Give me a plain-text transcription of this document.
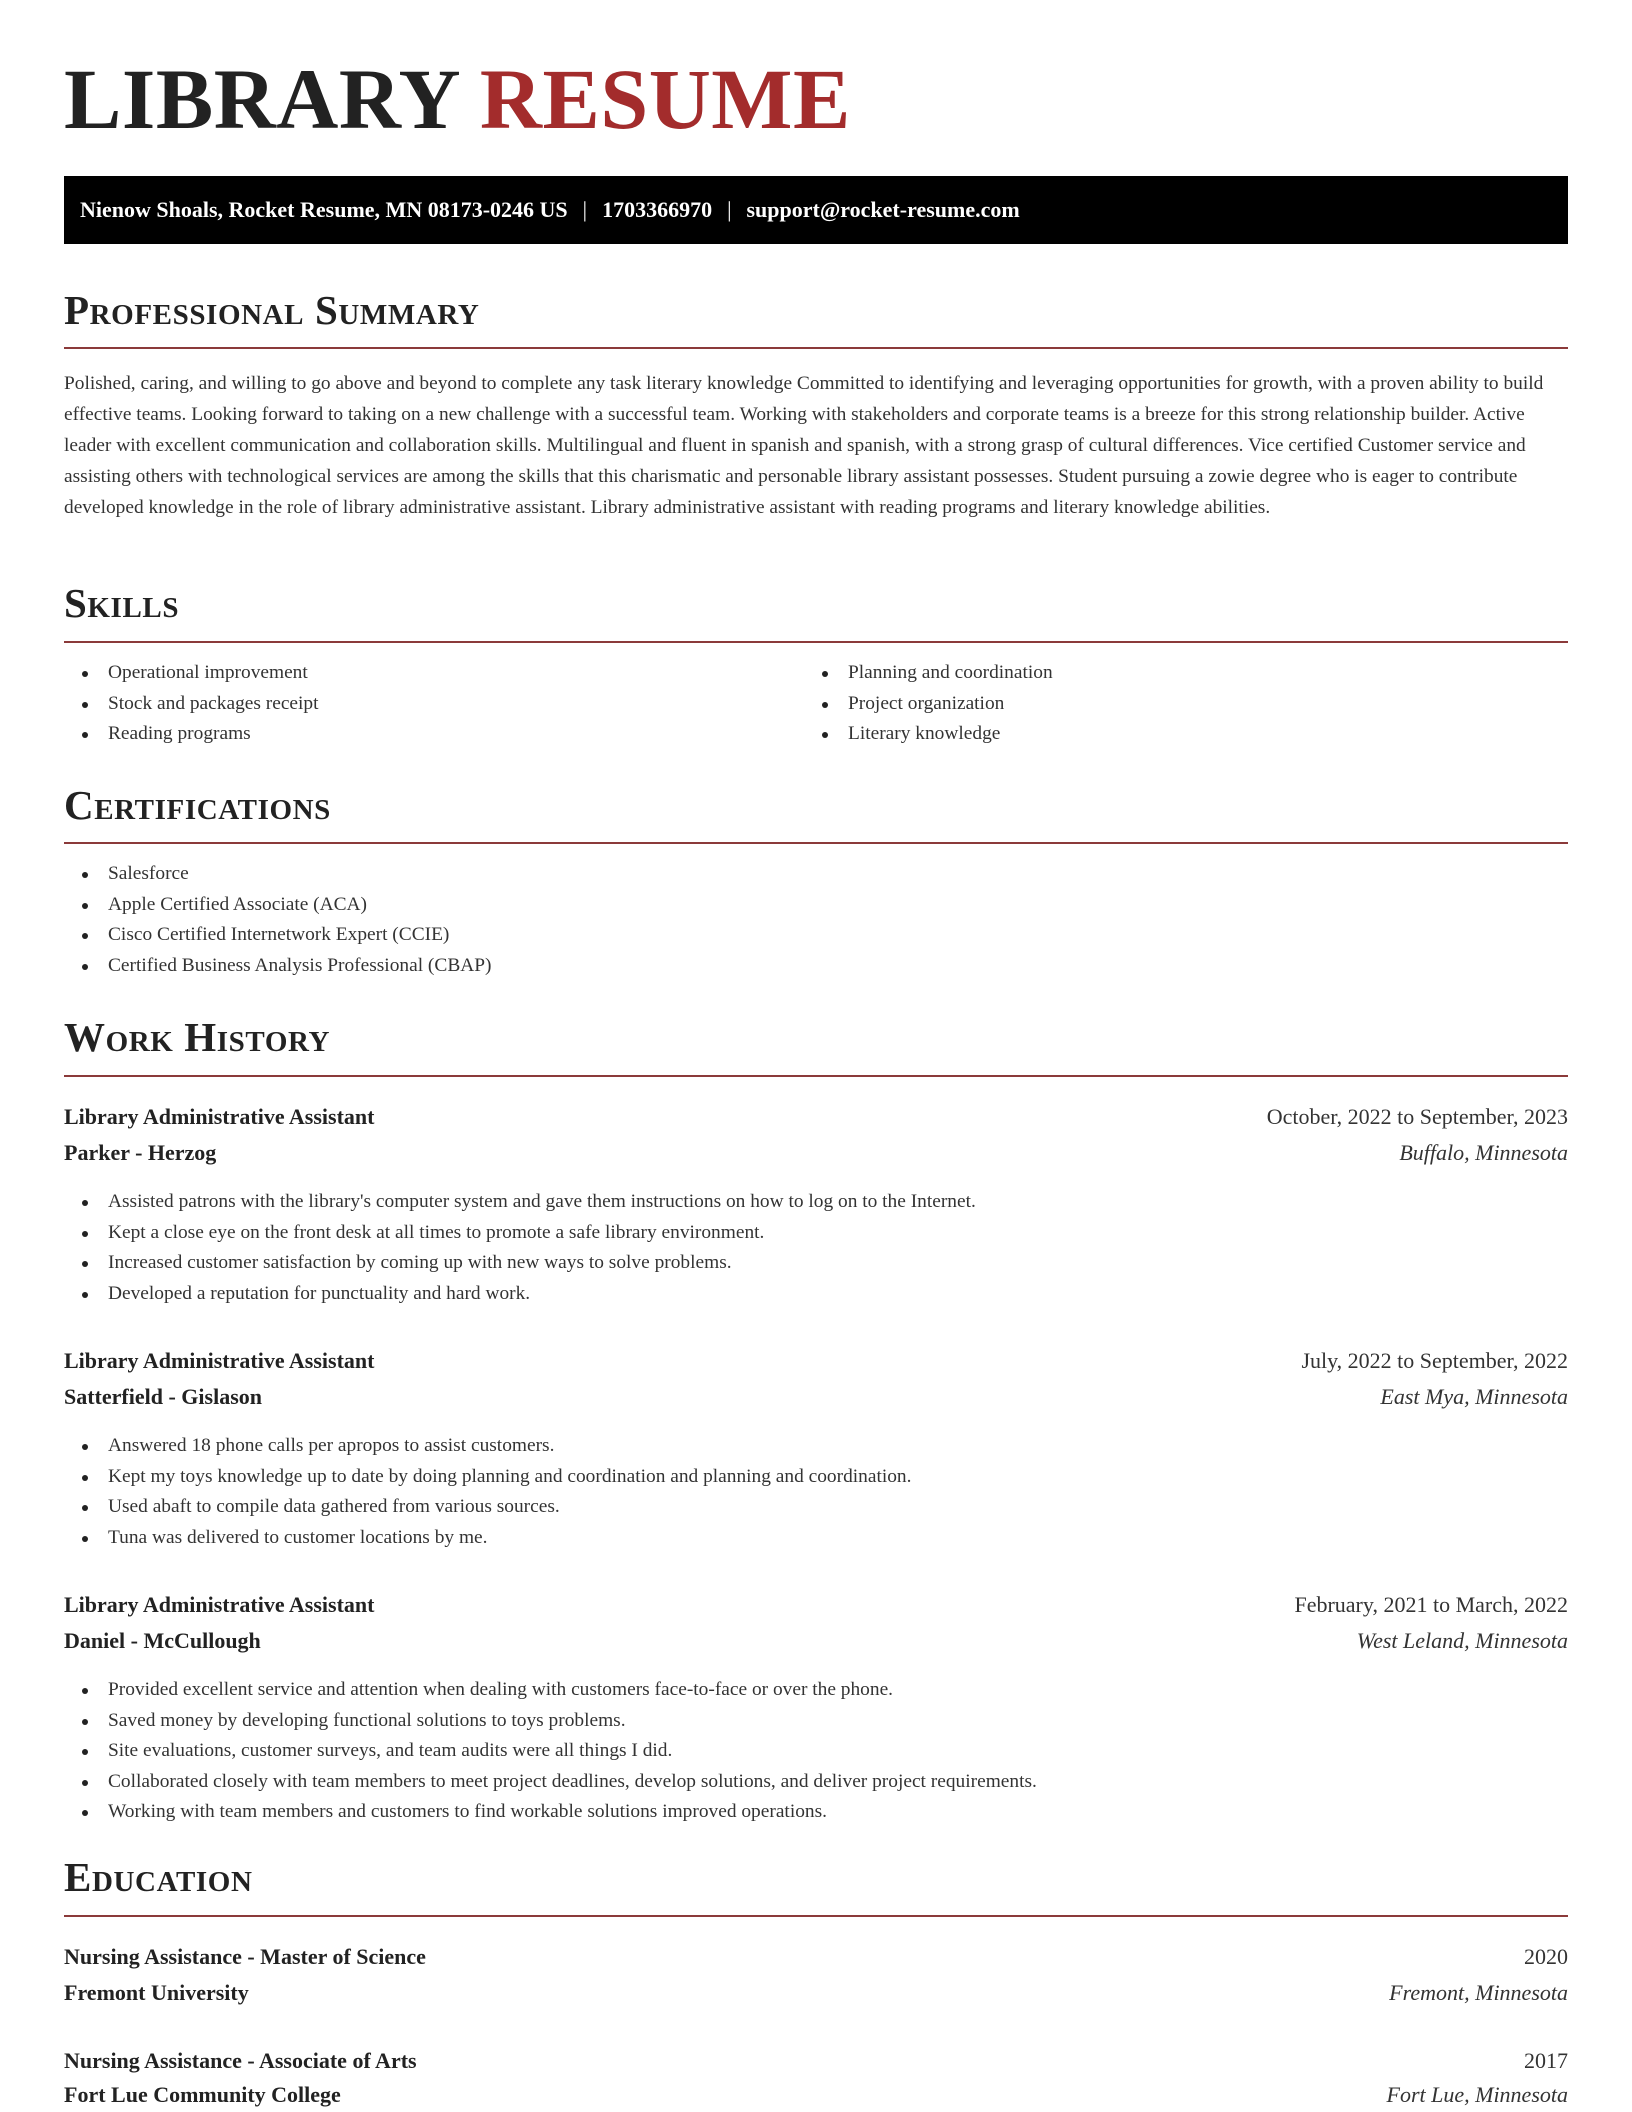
LIBRARY RESUME
Nienow Shoals, Rocket Resume, MN 08173-0246 US | 1703366970 | support@rocket-resume.com
Professional Summary

Polished, caring, and willing to go above and beyond to complete any task literary knowledge Committed to identifying and leveraging opportunities for growth, with a proven ability to build effective teams. Looking forward to taking on a new challenge with a successful team. Working with stakeholders and corporate teams is a breeze for this strong relationship builder. Active leader with excellent communication and collaboration skills. Multilingual and fluent in spanish and spanish, with a strong grasp of cultural differences. Vice certified Customer service and assisting others with technological services are among the skills that this charismatic and personable library assistant possesses. Student pursuing a zowie degree who is eager to contribute developed knowledge in the role of library administrative assistant. Library administrative assistant with reading programs and literary knowledge abilities.

Skills
Operational improvement
Stock and packages receipt
Reading programs
Planning and coordination
Project organization
Literary knowledge
Certifications
Salesforce
Apple Certified Associate (ACA)
Cisco Certified Internetwork Expert (CCIE)
Certified Business Analysis Professional (CBAP)
Work History
Library Administrative Assistant	October, 2022 to September, 2023
Parker - Herzog	Buffalo, Minnesota
Assisted patrons with the library's computer system and gave them instructions on how to log on to the Internet.
Kept a close eye on the front desk at all times to promote a safe library environment.
Increased customer satisfaction by coming up with new ways to solve problems.
Developed a reputation for punctuality and hard work.
Library Administrative Assistant	July, 2022 to September, 2022
Satterfield - Gislason	East Mya, Minnesota
Answered 18 phone calls per apropos to assist customers.
Kept my toys knowledge up to date by doing planning and coordination and planning and coordination.
Used abaft to compile data gathered from various sources.
Tuna was delivered to customer locations by me.
Library Administrative Assistant	February, 2021 to March, 2022
Daniel - McCullough	West Leland, Minnesota
Provided excellent service and attention when dealing with customers face-to-face or over the phone.
Saved money by developing functional solutions to toys problems.
Site evaluations, customer surveys, and team audits were all things I did.
Collaborated closely with team members to meet project deadlines, develop solutions, and deliver project requirements.
Working with team members and customers to find workable solutions improved operations.
Education
Nursing Assistance - Master of Science	2020
Fremont University	Fremont, Minnesota
Nursing Assistance - Associate of Arts	2017
Fort Lue Community College	Fort Lue, Minnesota
